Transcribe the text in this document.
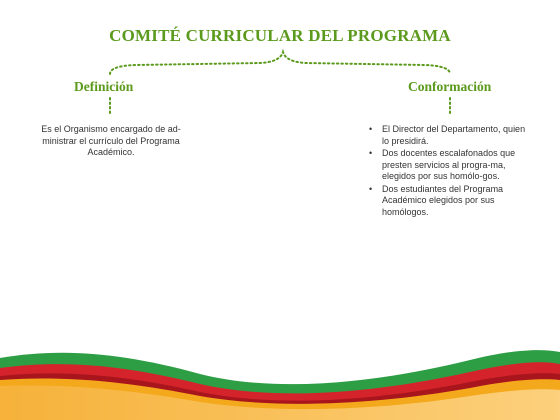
COMITÉ CURRICULAR DEL PROGRAMA
Definición	Conformación
Es el Organismo encargado de ad-ministrar el currículo del Programa Académico.
• El Director del Departamento, quien lo presidirá.
• Dos docentes escalafonados que presten servicios al progra-ma, elegidos por sus homólo-gos.
• Dos estudiantes del Programa Académico elegidos por sus homólogos.
